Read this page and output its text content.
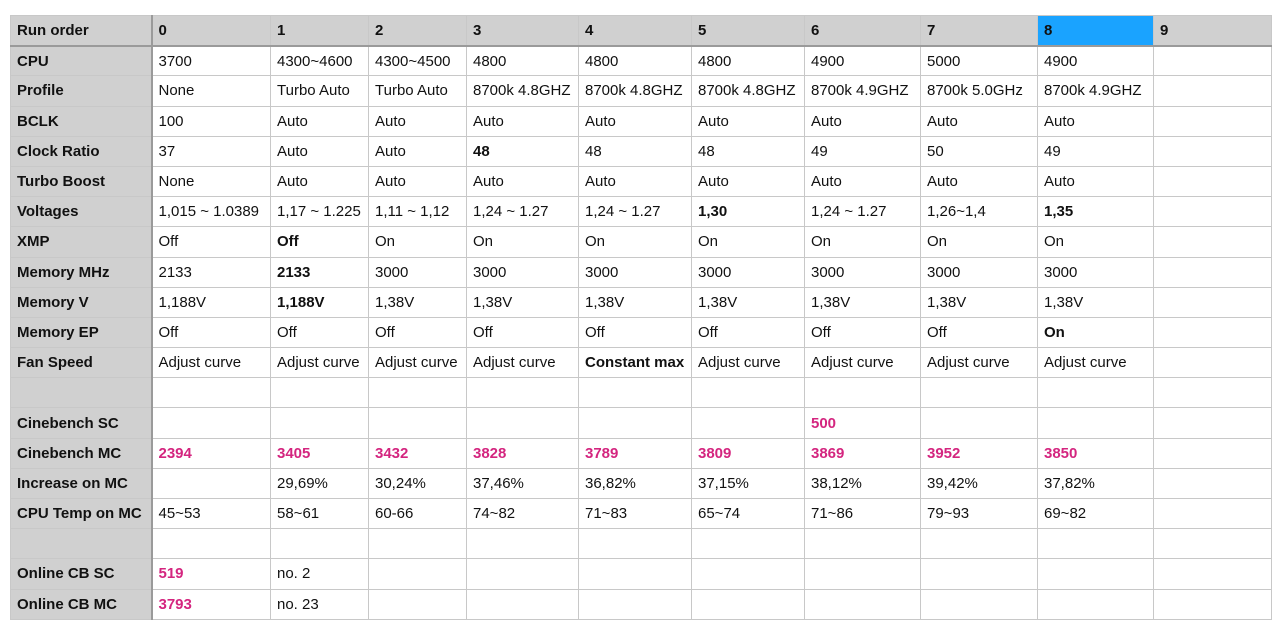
Run order	0	1	2	3	4	5	6	7	8	9
CPU	3700	4300~4600	4300~4500	4800	4800	4800	4900	5000	4900	
Profile	None	Turbo Auto	Turbo Auto	8700k 4.8GHZ	8700k 4.8GHZ	8700k 4.8GHZ	8700k 4.9GHZ	8700k 5.0GHz	8700k 4.9GHZ	
BCLK	100	Auto	Auto	Auto	Auto	Auto	Auto	Auto	Auto	
Clock Ratio	37	Auto	Auto	48	48	48	49	50	49	
Turbo Boost	None	Auto	Auto	Auto	Auto	Auto	Auto	Auto	Auto	
Voltages	1,015 ~ 1.0389	1,17 ~ 1.225	1,11 ~ 1,12	1,24 ~ 1.27	1,24 ~ 1.27	1,30	1,24 ~ 1.27	1,26~1,4	1,35	
XMP	Off	Off	On	On	On	On	On	On	On	
Memory MHz	2133	2133	3000	3000	3000	3000	3000	3000	3000	
Memory V	1,188V	1,188V	1,38V	1,38V	1,38V	1,38V	1,38V	1,38V	1,38V	
Memory EP	Off	Off	Off	Off	Off	Off	Off	Off	On	
Fan Speed	Adjust curve	Adjust curve	Adjust curve	Adjust curve	Constant max	Adjust curve	Adjust curve	Adjust curve	Adjust curve	

Cinebench SC							500			
Cinebench MC	2394	3405	3432	3828	3789	3809	3869	3952	3850	
Increase on MC		29,69%	30,24%	37,46%	36,82%	37,15%	38,12%	39,42%	37,82%	
CPU Temp on MC	45~53	58~61	60-66	74~82	71~83	65~74	71~86	79~93	69~82	

Online CB SC	519	no. 2								
Online CB MC	3793	no. 23								
